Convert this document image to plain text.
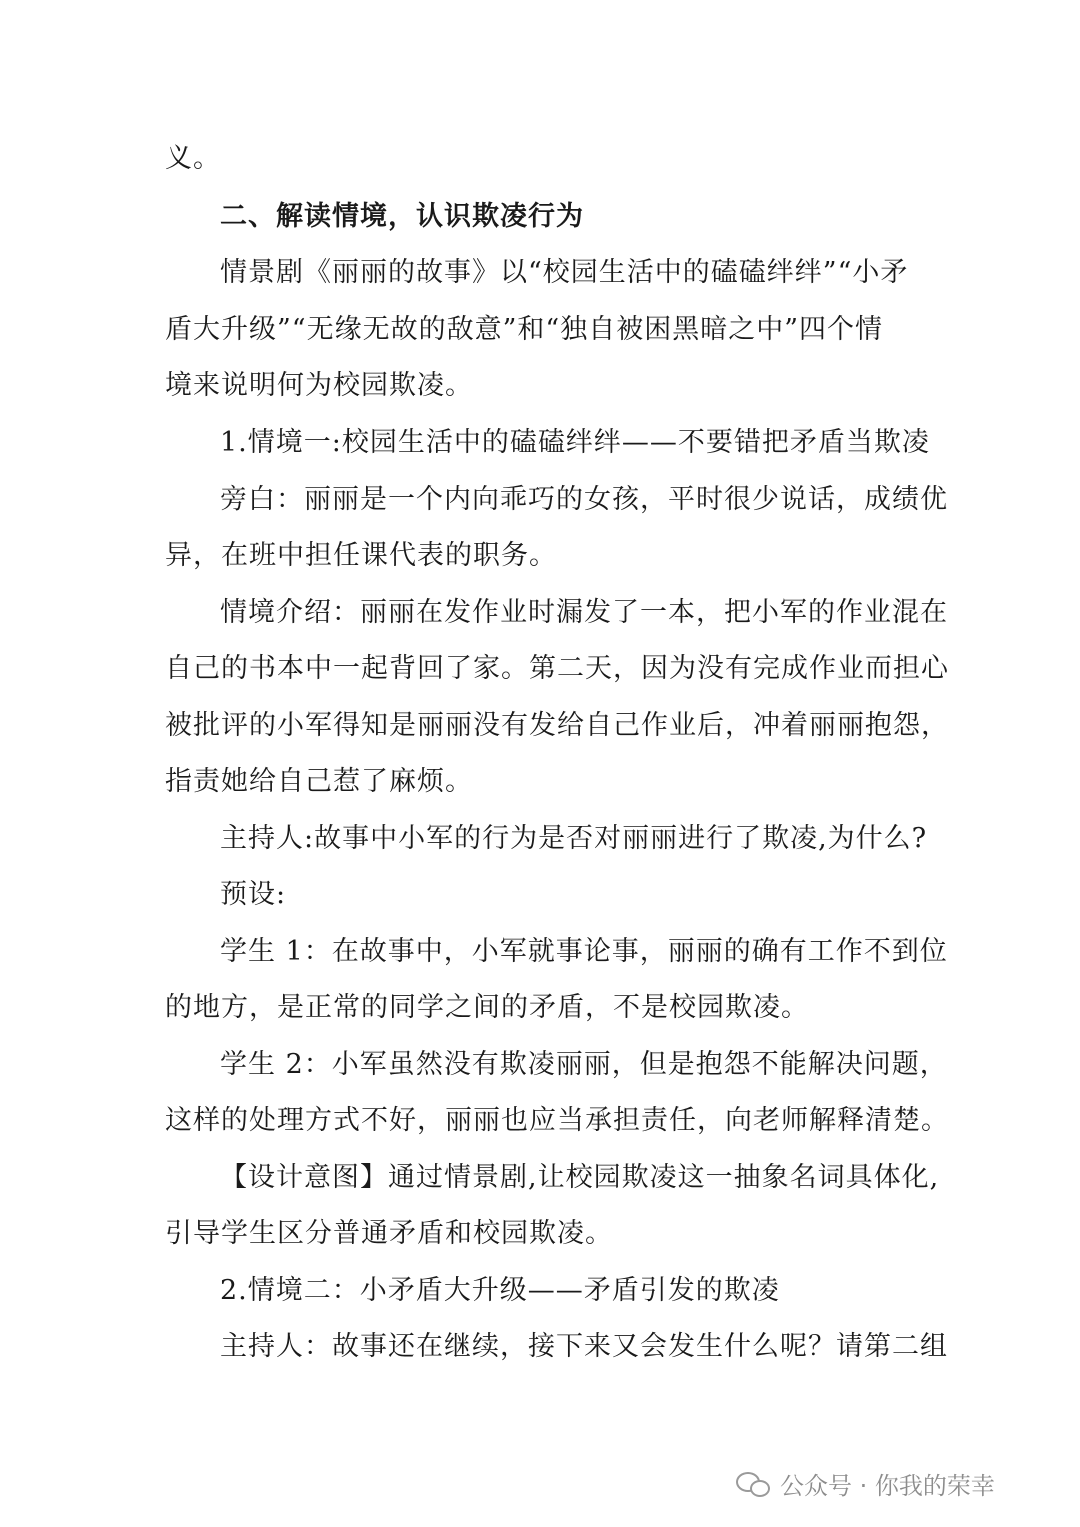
义。
二、解读情境，认识欺凌行为
情景剧《丽丽的故事》以“校园生活中的磕磕绊绊”“小矛
盾大升级”“无缘无故的敌意”和“独自被困黑暗之中”四个情
境来说明何为校园欺凌。
1.情境一:校园生活中的磕磕绊绊——不要错把矛盾当欺凌
旁白：丽丽是一个内向乖巧的女孩，平时很少说话，成绩优
异，在班中担任课代表的职务。
情境介绍：丽丽在发作业时漏发了一本，把小军的作业混在
自己的书本中一起背回了家。第二天，因为没有完成作业而担心
被批评的小军得知是丽丽没有发给自己作业后，冲着丽丽抱怨，
指责她给自己惹了麻烦。
主持人:故事中小军的行为是否对丽丽进行了欺凌,为什么?
预设:
学生 1：在故事中，小军就事论事，丽丽的确有工作不到位
的地方，是正常的同学之间的矛盾，不是校园欺凌。
学生 2：小军虽然没有欺凌丽丽，但是抱怨不能解决问题，
这样的处理方式不好，丽丽也应当承担责任，向老师解释清楚。
【设计意图】通过情景剧,让校园欺凌这一抽象名词具体化,
引导学生区分普通矛盾和校园欺凌。
2.情境二：小矛盾大升级——矛盾引发的欺凌
主持人：故事还在继续，接下来又会发生什么呢？请第二组
公众号 · 你我的荣幸
